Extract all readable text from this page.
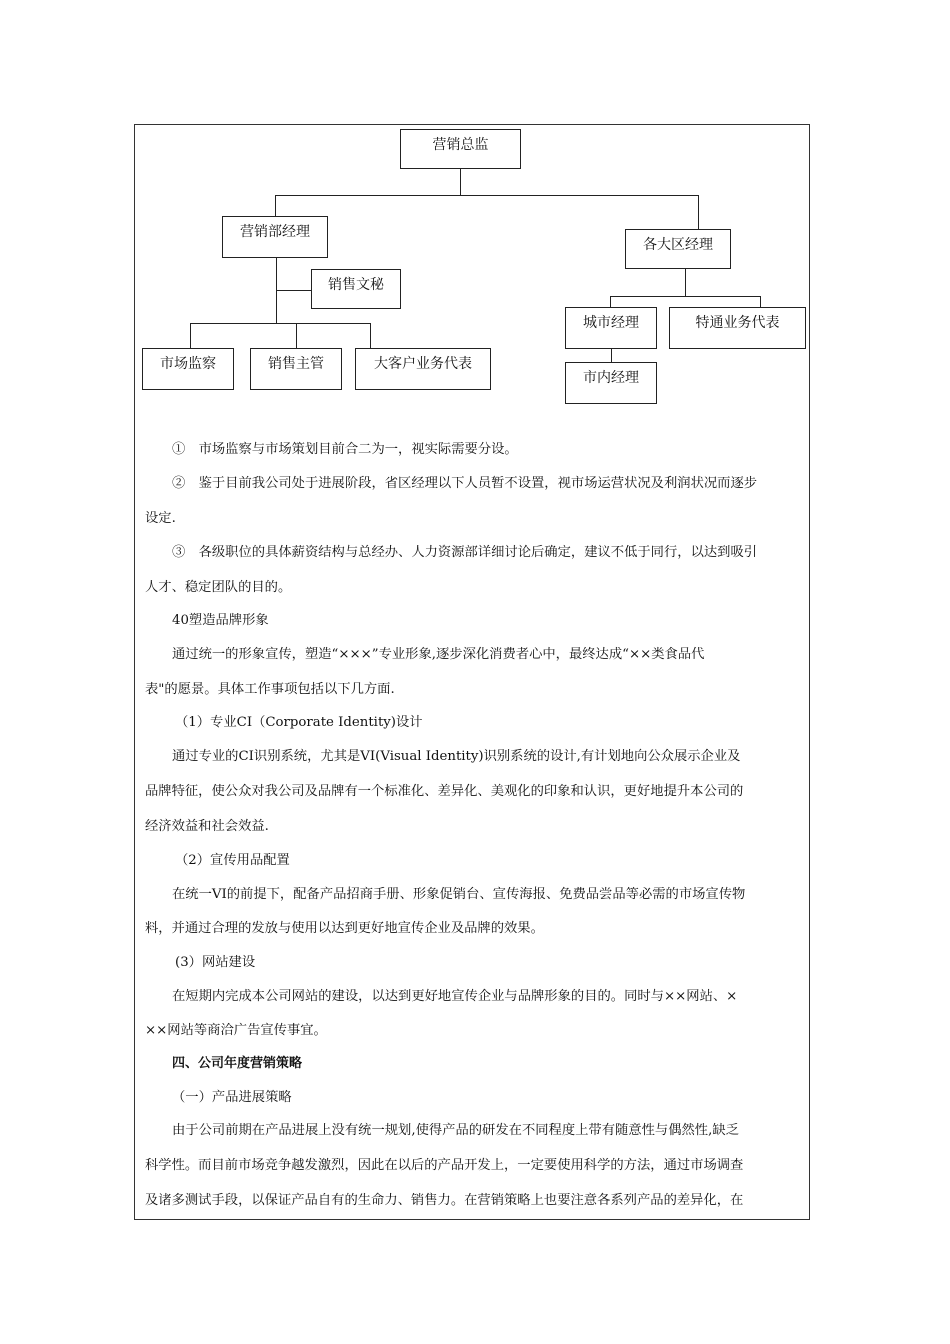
营销总监
营销部经理
销售文秘
市场监察	销售主管	大客户业务代表
各大区经理
城市经理	特通业务代表
市内经理
①　市场监察与市场策划目前合二为一，视实际需要分设。
②　鉴于目前我公司处于进展阶段，省区经理以下人员暂不设置，视市场运营状况及利润状况而逐步
设定.
③　各级职位的具体薪资结构与总经办、人力资源部详细讨论后确定，建议不低于同行，以达到吸引
人才、稳定团队的目的。
40塑造品牌形象
通过统一的形象宣传，塑造“×××”专业形象,逐步深化消费者心中，最终达成“××类食品代
表"的愿景。具体工作事项包括以下几方面.
（1）专业CI（Corporate Identity)设计
通过专业的CI识别系统，尤其是VI(Visual Identity)识别系统的设计,有计划地向公众展示企业及
品牌特征，使公众对我公司及品牌有一个标准化、差异化、美观化的印象和认识，更好地提升本公司的
经济效益和社会效益.
（2）宣传用品配置
在统一VI的前提下，配备产品招商手册、形象促销台、宣传海报、免费品尝品等必需的市场宣传物
料，并通过合理的发放与使用以达到更好地宣传企业及品牌的效果。
(3）网站建设
在短期内完成本公司网站的建设，以达到更好地宣传企业与品牌形象的目的。同时与××网站、×
××网站等商洽广告宣传事宜。
四、公司年度营销策略
（一）产品进展策略
由于公司前期在产品进展上没有统一规划,使得产品的研发在不同程度上带有随意性与偶然性,缺乏
科学性。而目前市场竞争越发激烈，因此在以后的产品开发上，一定要使用科学的方法，通过市场调查
及诸多测试手段，以保证产品自有的生命力、销售力。在营销策略上也要注意各系列产品的差异化，在
